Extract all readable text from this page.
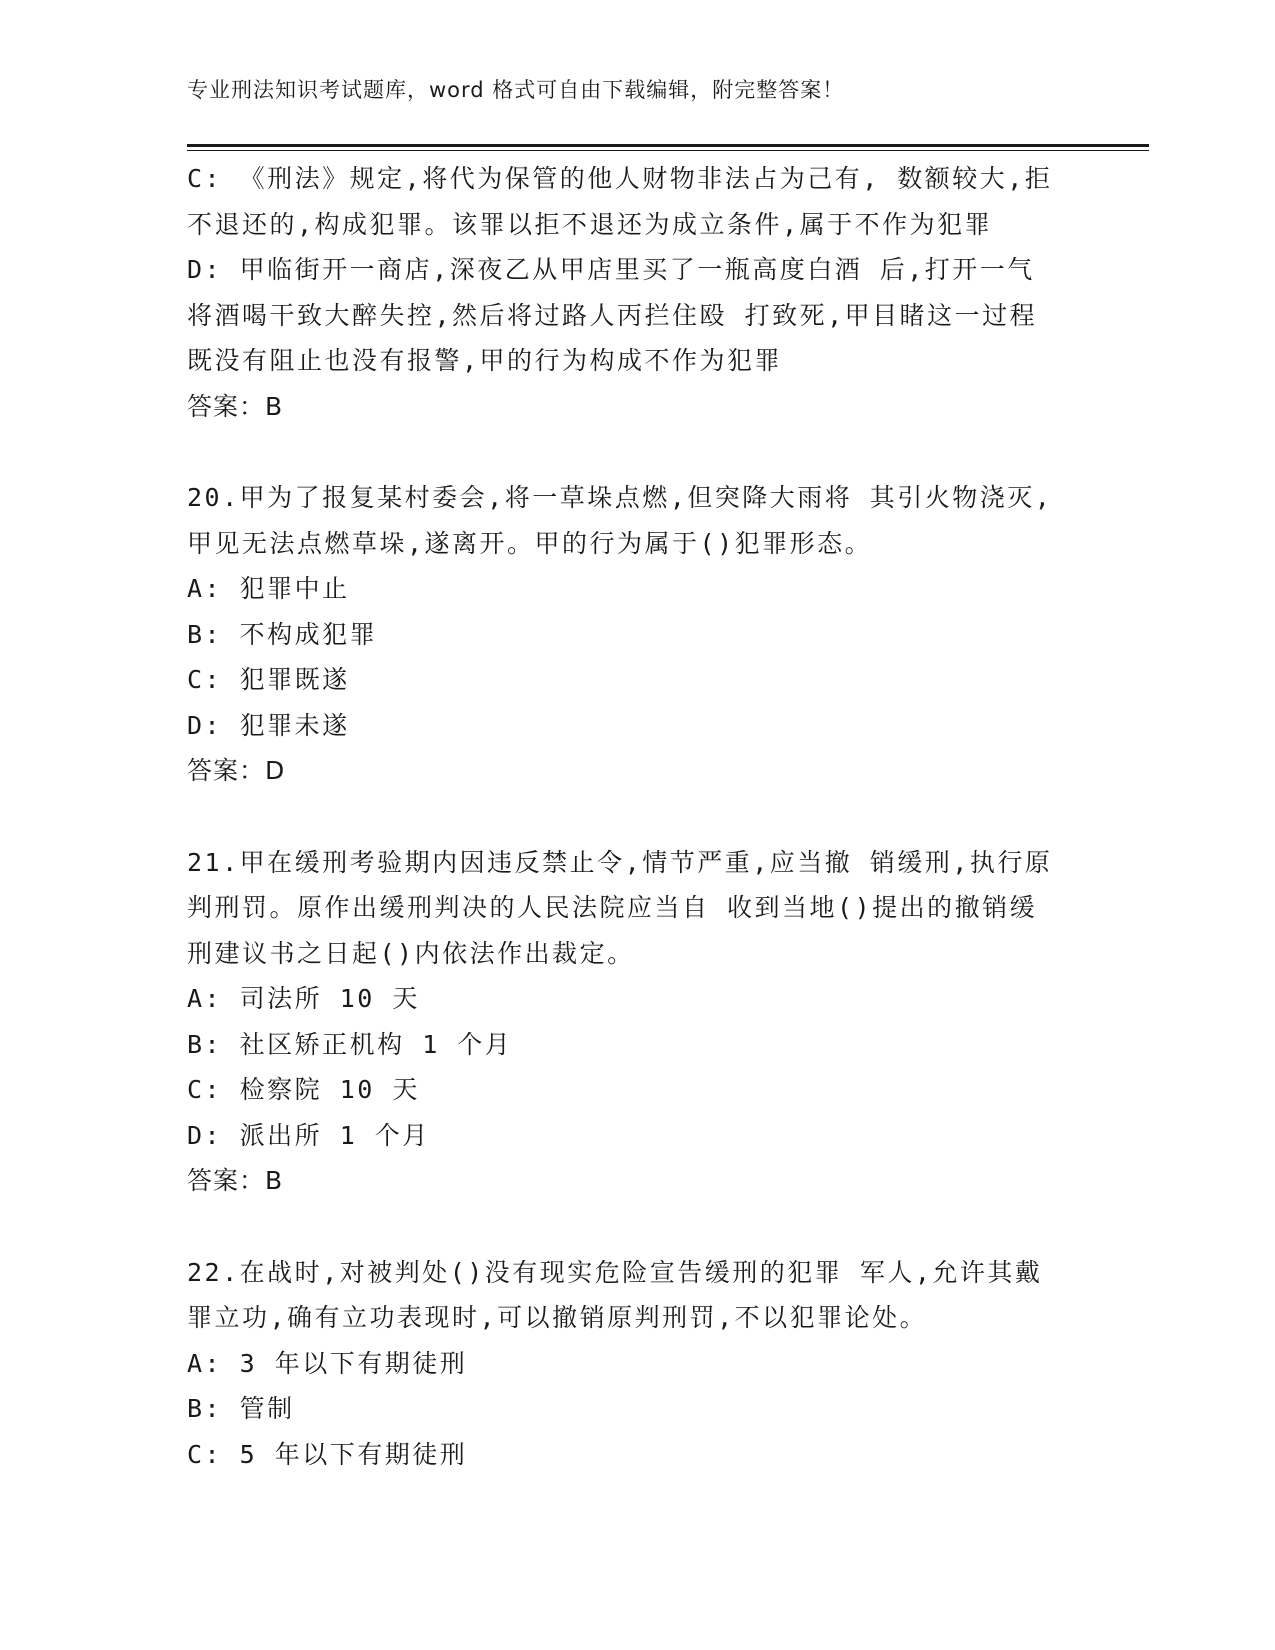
专业刑法知识考试题库，word 格式可自由下载编辑，附完整答案！
C: 《刑法》规定,将代为保管的他人财物非法占为己有, 数额较大,拒
不退还的,构成犯罪。该罪以拒不退还为成立条件,属于不作为犯罪
D: 甲临街开一商店,深夜乙从甲店里买了一瓶高度白酒 后,打开一气
将酒喝干致大醉失控,然后将过路人丙拦住殴 打致死,甲目睹这一过程
既没有阻止也没有报警,甲的行为构成不作为犯罪
答案：B
20.甲为了报复某村委会,将一草垛点燃,但突降大雨将 其引火物浇灭,
甲见无法点燃草垛,遂离开。甲的行为属于()犯罪形态。
A: 犯罪中止
B: 不构成犯罪
C: 犯罪既遂
D: 犯罪未遂
答案：D
21.甲在缓刑考验期内因违反禁止令,情节严重,应当撤 销缓刑,执行原
判刑罚。原作出缓刑判决的人民法院应当自 收到当地()提出的撤销缓
刑建议书之日起()内依法作出裁定。
A: 司法所 10 天
B: 社区矫正机构 1 个月
C: 检察院 10 天
D: 派出所 1 个月
答案：B
22.在战时,对被判处()没有现实危险宣告缓刑的犯罪 军人,允许其戴
罪立功,确有立功表现时,可以撤销原判刑罚,不以犯罪论处。
A: 3 年以下有期徒刑
B: 管制
C: 5 年以下有期徒刑
